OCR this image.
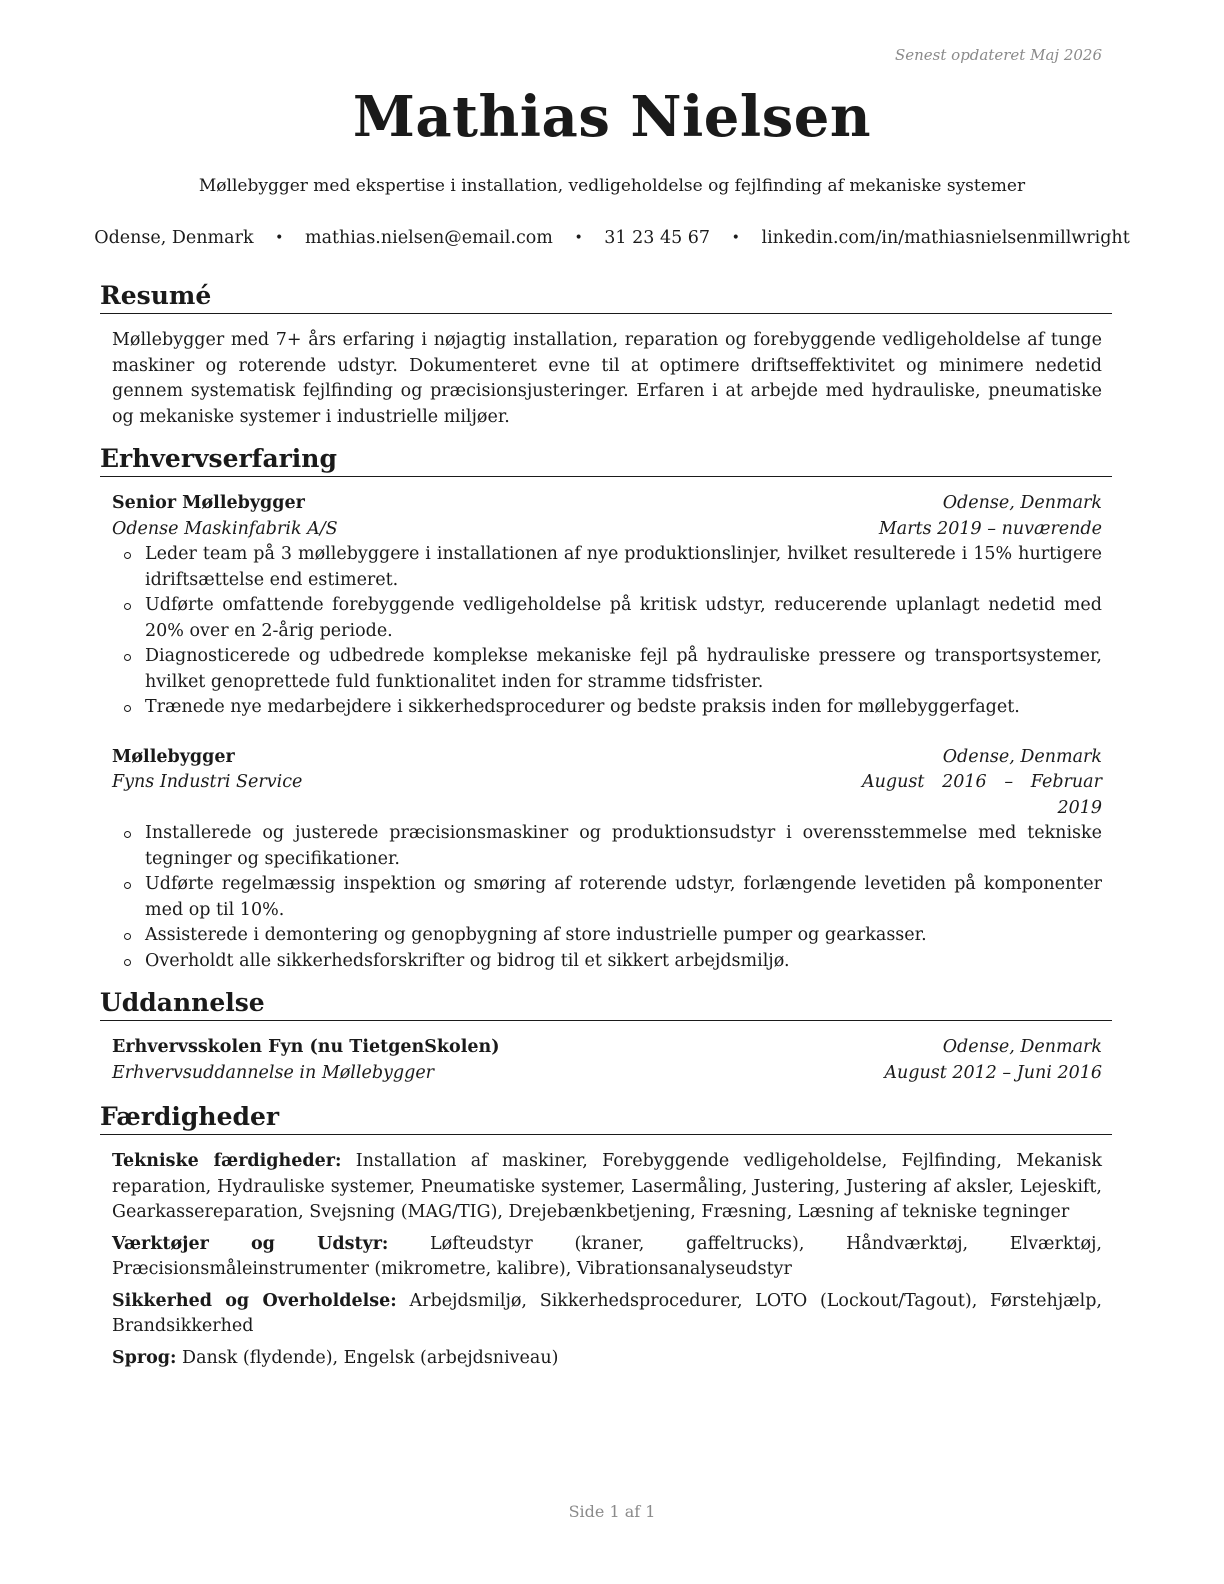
Senest opdateret Maj 2026
Mathias Nielsen
Møllebygger med ekspertise i installation, vedligeholdelse og fejlfinding af mekaniske systemer
Odense, Denmark • mathias.nielsen@email.com • 31 23 45 67 • linkedin.com/in/mathiasnielsenmillwright
Resumé

Møllebygger med 7+ års erfaring i nøjagtig installation, reparation og forebyggende vedligeholdelse af tunge maskiner og roterende udstyr. Dokumenteret evne til at optimere driftseffektivitet og minimere nedetid gennem systematisk fejlfinding og præcisionsjusteringer. Erfaren i at arbejde med hydrauliske, pneumatiske og mekaniske systemer i industrielle miljøer.

Erhvervserfaring
Senior Møllebygger	Odense, Denmark
Odense Maskinfabrik A/S	Marts 2019 – nuværende
Leder team på 3 møllebyggere i installationen af nye produktionslinjer, hvilket resulterede i 15% hurtigere idriftsættelse end estimeret.
Udførte omfattende forebyggende vedligeholdelse på kritisk udstyr, reducerende uplanlagt nedetid med 20% over en 2-årig periode.
Diagnosticerede og udbedrede komplekse mekaniske fejl på hydrauliske pressere og transportsystemer, hvilket genoprettede fuld funktionalitet inden for stramme tidsfrister.
Trænede nye medarbejdere i sikkerhedsprocedurer og bedste praksis inden for møllebyggerfaget.
Møllebygger	Odense, Denmark
Fyns Industri Service	August 2016 – Februar 2019
Installerede og justerede præcisionsmaskiner og produktionsudstyr i overensstemmelse med tekniske tegninger og specifikationer.
Udførte regelmæssig inspektion og smøring af roterende udstyr, forlængende levetiden på komponenter med op til 10%.
Assisterede i demontering og genopbygning af store industrielle pumper og gearkasser.
Overholdt alle sikkerhedsforskrifter og bidrog til et sikkert arbejdsmiljø.
Uddannelse
Erhvervsskolen Fyn (nu TietgenSkolen)	Odense, Denmark
Erhvervsuddannelse in Møllebygger	August 2012 – Juni 2016
Færdigheder

Tekniske færdigheder: Installation af maskiner, Forebyggende vedligeholdelse, Fejlfinding, Mekanisk reparation, Hydrauliske systemer, Pneumatiske systemer, Lasermåling, Justering, Justering af aksler, Lejeskift, Gearkassereparation, Svejsning (MAG/TIG), Drejebænkbetjening, Fræsning, Læsning af tekniske tegninger

Værktøjer og Udstyr: Løfteudstyr (kraner, gaffeltrucks), Håndværktøj, Elværktøj, Præcisionsmåleinstrumenter (mikrometre, kalibre), Vibrationsanalyseudstyr

Sikkerhed og Overholdelse: Arbejdsmiljø, Sikkerhedsprocedurer, LOTO (Lockout/Tagout), Førstehjælp, Brandsikkerhed

Sprog: Dansk (flydende), Engelsk (arbejdsniveau)

Side 1 af 1
